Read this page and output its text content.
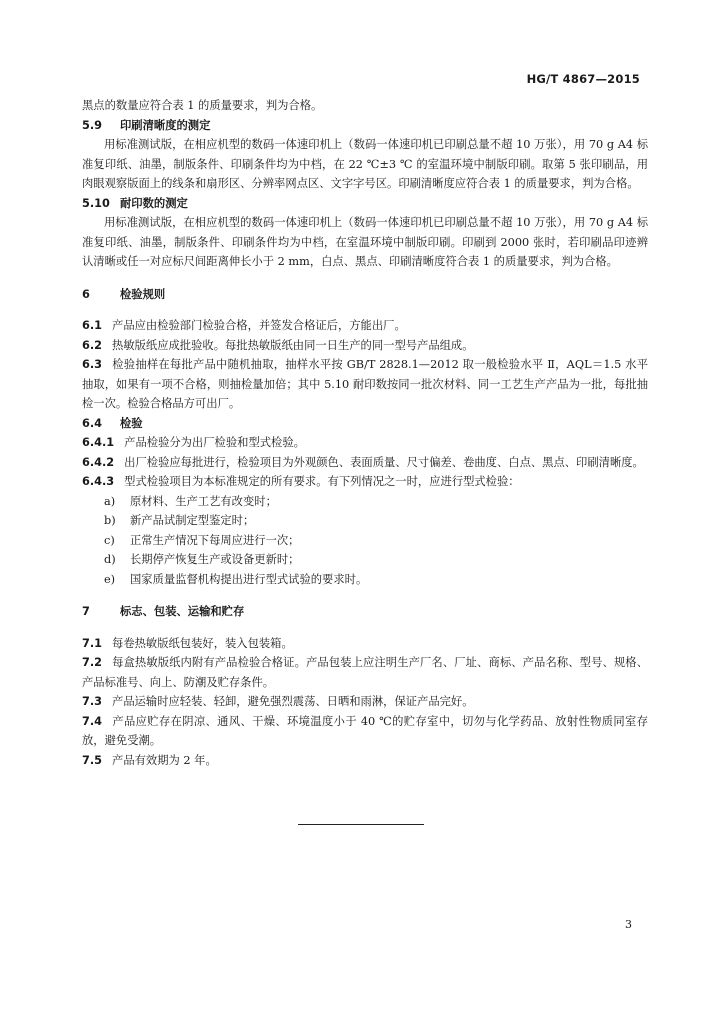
HG/T 4867—2015

黑点的数量应符合表 1 的质量要求，判为合格。

5.9 印刷清晰度的测定

用标准测试版，在相应机型的数码一体速印机上（数码一体速印机已印刷总量不超 10 万张），用 70 g A4 标准复印纸、油墨，制版条件、印刷条件均为中档，在 22 ℃±3 ℃ 的室温环境中制版印刷。取第 5 张印刷品，用肉眼观察版面上的线条和扇形区、分辨率网点区、文字字号区。印刷清晰度应符合表 1 的质量要求，判为合格。

5.10 耐印数的测定

用标准测试版，在相应机型的数码一体速印机上（数码一体速印机已印刷总量不超 10 万张），用 70 g A4 标准复印纸、油墨，制版条件、印刷条件均为中档，在室温环境中制版印刷。印刷到 2000 张时，若印刷品印迹辨认清晰或任一对应标尺间距离伸长小于 2 mm，白点、黑点、印刷清晰度符合表 1 的质量要求，判为合格。

6	检验规则

6.1 产品应由检验部门检验合格，并签发合格证后，方能出厂。

6.2 热敏版纸应成批验收。每批热敏版纸由同一日生产的同一型号产品组成。

6.3 检验抽样在每批产品中随机抽取，抽样水平按 GB/T 2828.1—2012 取一般检验水平 Ⅱ，AQL＝1.5 水平抽取，如果有一项不合格，则抽检量加倍；其中 5.10 耐印数按同一批次材料、同一工艺生产产品为一批，每批抽检一次。检验合格品方可出厂。

6.4 检验

6.4.1 产品检验分为出厂检验和型式检验。

6.4.2 出厂检验应每批进行，检验项目为外观颜色、表面质量、尺寸偏差、卷曲度、白点、黑点、印刷清晰度。

6.4.3 型式检验项目为本标准规定的所有要求。有下列情况之一时，应进行型式检验：

a) 原材料、生产工艺有改变时；

b) 新产品试制定型鉴定时；

c) 正常生产情况下每周应进行一次；

d) 长期停产恢复生产或设备更新时；

e) 国家质量监督机构提出进行型式试验的要求时。

7	标志、包装、运输和贮存

7.1 每卷热敏版纸包装好，装入包装箱。

7.2 每盒热敏版纸内附有产品检验合格证。产品包装上应注明生产厂名、厂址、商标、产品名称、型号、规格、产品标准号、向上、防潮及贮存条件。

7.3 产品运输时应轻装、轻卸，避免强烈震荡、日晒和雨淋，保证产品完好。

7.4 产品应贮存在阴凉、通风、干燥、环境温度小于 40 ℃的贮存室中，切勿与化学药品、放射性物质同室存放，避免受潮。

7.5 产品有效期为 2 年。

3
